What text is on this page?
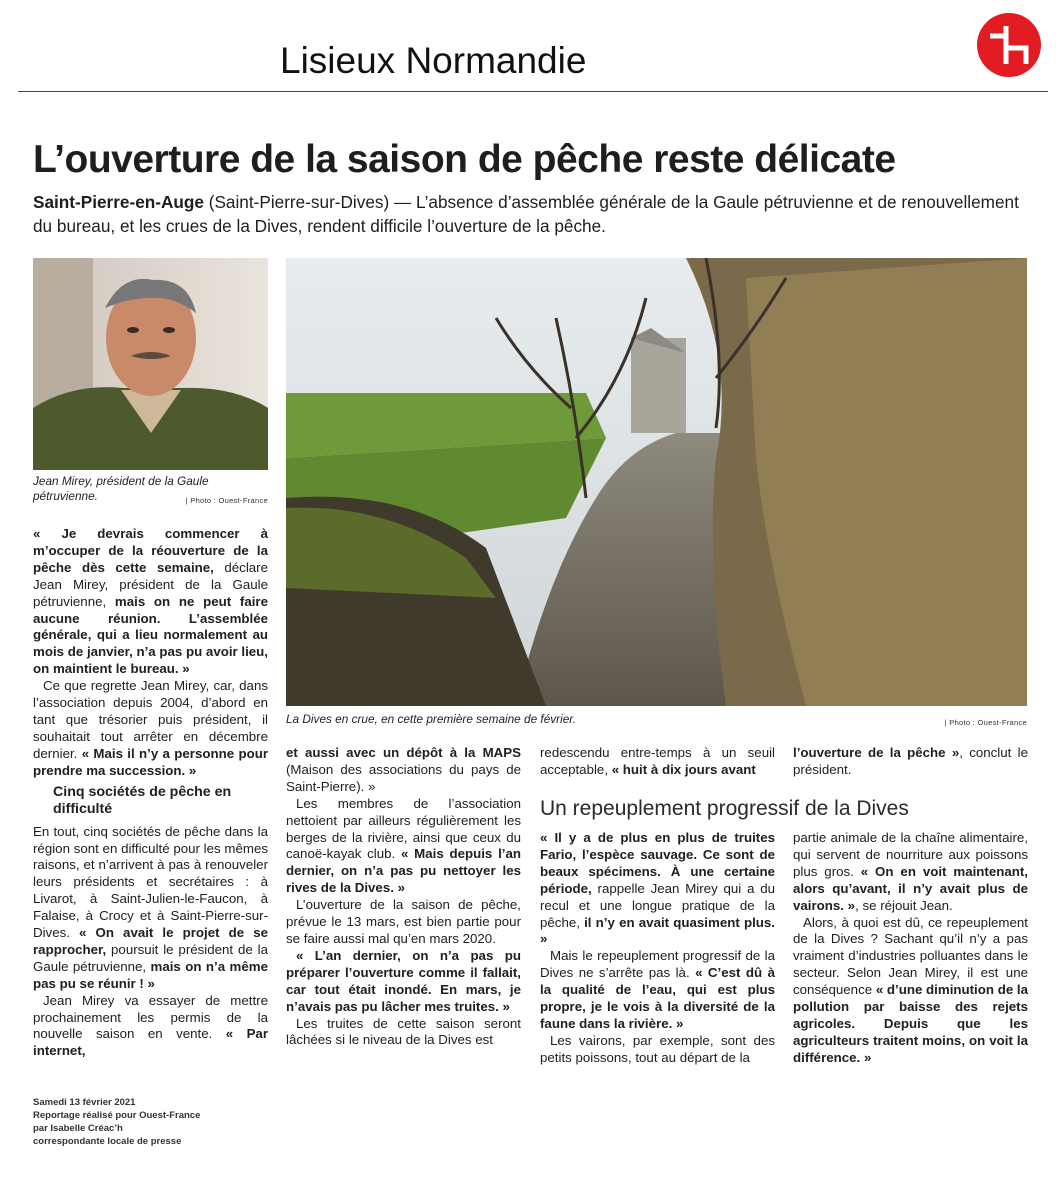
Lisieux Normandie
L’ouverture de la saison de pêche reste délicate
Saint-Pierre-en-Auge (Saint-Pierre-sur-Dives) — L’absence d’assemblée générale de la Gaule pétruvienne et de renouvellement du bureau, et les crues de la Dives, rendent difficile l’ouverture de la pêche.
Jean Mirey, président de la Gaule pétruvienne.	| Photo : Ouest-France
La Dives en crue, en cette première semaine de février.	| Photo : Ouest-France

« Je devrais commencer à m’occuper de la réouverture de la pêche dès cette semaine, déclare Jean Mirey, président de la Gaule pétruvienne, mais on ne peut faire aucune réunion. L’assemblée générale, qui a lieu normalement au mois de janvier, n’a pas pu avoir lieu, on maintient le bureau. »

Ce que regrette Jean Mirey, car, dans l’association depuis 2004, d’abord en tant que trésorier puis président, il souhaitait tout arrêter en décembre dernier. « Mais il n’y a personne pour prendre ma succession. »

Cinq sociétés de pêche en difficulté

En tout, cinq sociétés de pêche dans la région sont en difficulté pour les mêmes raisons, et n’arrivent à pas à renouveler leurs présidents et secrétaires : à Livarot, à Saint-Julien-le-Faucon, à Falaise, à Crocy et à Saint-Pierre-sur-Dives. « On avait le projet de se rapprocher, poursuit le président de la Gaule pétruvienne, mais on n’a même pas pu se réunir ! »

Jean Mirey va essayer de mettre prochainement les permis de la nouvelle saison en vente. « Par internet,

et aussi avec un dépôt à la MAPS (Maison des associations du pays de Saint-Pierre). »

Les membres de l’association nettoient par ailleurs régulièrement les berges de la rivière, ainsi que ceux du canoë-kayak club. « Mais depuis l’an dernier, on n’a pas pu nettoyer les rives de la Dives. »

L’ouverture de la saison de pêche, prévue le 13 mars, est bien partie pour se faire aussi mal qu’en mars 2020.

« L’an dernier, on n’a pas pu préparer l’ouverture comme il fallait, car tout était inondé. En mars, je n’avais pas pu lâcher mes truites. »

Les truites de cette saison seront lâchées si le niveau de la Dives est

redescendu entre-temps à un seuil acceptable, « huit à dix jours avant

Un repeuplement progressif de la Dives

« Il y a de plus en plus de truites Fario, l’espèce sauvage. Ce sont de beaux spécimens. À une certaine période, rappelle Jean Mirey qui a du recul et une longue pratique de la pêche, il n’y en avait quasiment plus. »

Mais le repeuplement progressif de la Dives ne s’arrête pas là. « C’est dû à la qualité de l’eau, qui est plus propre, je le vois à la diversité de la faune dans la rivière. »

Les vairons, par exemple, sont des petits poissons, tout au départ de la

l’ouverture de la pêche », conclut le président.

partie animale de la chaîne alimentaire, qui servent de nourriture aux poissons plus gros. « On en voit maintenant, alors qu’avant, il n’y avait plus de vairons. », se réjouit Jean.

Alors, à quoi est dû, ce repeuplement de la Dives ? Sachant qu’il n’y a pas vraiment d’industries polluantes dans le secteur. Selon Jean Mirey, il est une conséquence « d’une diminution de la pollution par baisse des rejets agricoles. Depuis que les agriculteurs traitent moins, on voit la différence. »

Samedi 13 février 2021
Reportage réalisé pour Ouest-France
par Isabelle Créac’h
correspondante locale de presse
